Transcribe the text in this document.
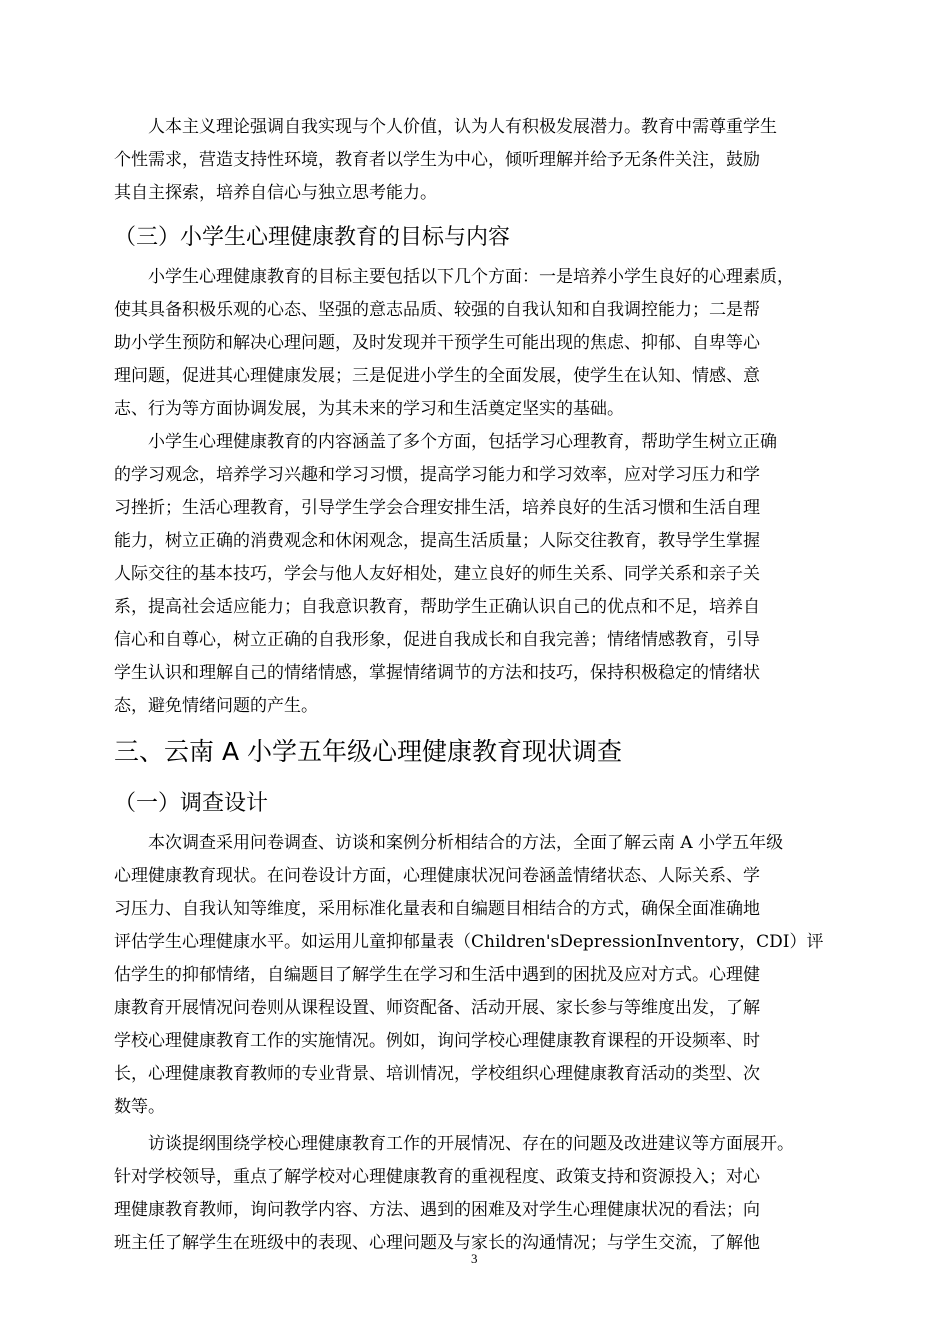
人本主义理论强调自我实现与个人价值，认为人有积极发展潜力。教育中需尊重学生
个性需求，营造支持性环境，教育者以学生为中心，倾听理解并给予无条件关注，鼓励
其自主探索，培养自信心与独立思考能力。
（三）小学生心理健康教育的目标与内容
小学生心理健康教育的目标主要包括以下几个方面：一是培养小学生良好的心理素质，
使其具备积极乐观的心态、坚强的意志品质、较强的自我认知和自我调控能力；二是帮
助小学生预防和解决心理问题，及时发现并干预学生可能出现的焦虑、抑郁、自卑等心
理问题，促进其心理健康发展；三是促进小学生的全面发展，使学生在认知、情感、意
志、行为等方面协调发展，为其未来的学习和生活奠定坚实的基础。
小学生心理健康教育的内容涵盖了多个方面，包括学习心理教育，帮助学生树立正确
的学习观念，培养学习兴趣和学习习惯，提高学习能力和学习效率，应对学习压力和学
习挫折；生活心理教育，引导学生学会合理安排生活，培养良好的生活习惯和生活自理
能力，树立正确的消费观念和休闲观念，提高生活质量；人际交往教育，教导学生掌握
人际交往的基本技巧，学会与他人友好相处，建立良好的师生关系、同学关系和亲子关
系，提高社会适应能力；自我意识教育，帮助学生正确认识自己的优点和不足，培养自
信心和自尊心，树立正确的自我形象，促进自我成长和自我完善；情绪情感教育，引导
学生认识和理解自己的情绪情感，掌握情绪调节的方法和技巧，保持积极稳定的情绪状
态，避免情绪问题的产生。
三、云南 A 小学五年级心理健康教育现状调查
（一）调查设计
本次调查采用问卷调查、访谈和案例分析相结合的方法，全面了解云南 A 小学五年级
心理健康教育现状。在问卷设计方面，心理健康状况问卷涵盖情绪状态、人际关系、学
习压力、自我认知等维度，采用标准化量表和自编题目相结合的方式，确保全面准确地
评估学生心理健康水平。如运用儿童抑郁量表（Children'sDepressionInventory，CDI）评
估学生的抑郁情绪，自编题目了解学生在学习和生活中遇到的困扰及应对方式。心理健
康教育开展情况问卷则从课程设置、师资配备、活动开展、家长参与等维度出发，了解
学校心理健康教育工作的实施情况。例如，询问学校心理健康教育课程的开设频率、时
长，心理健康教育教师的专业背景、培训情况，学校组织心理健康教育活动的类型、次
数等。
访谈提纲围绕学校心理健康教育工作的开展情况、存在的问题及改进建议等方面展开。
针对学校领导，重点了解学校对心理健康教育的重视程度、政策支持和资源投入；对心
理健康教育教师，询问教学内容、方法、遇到的困难及对学生心理健康状况的看法；向
班主任了解学生在班级中的表现、心理问题及与家长的沟通情况；与学生交流，了解他
3
